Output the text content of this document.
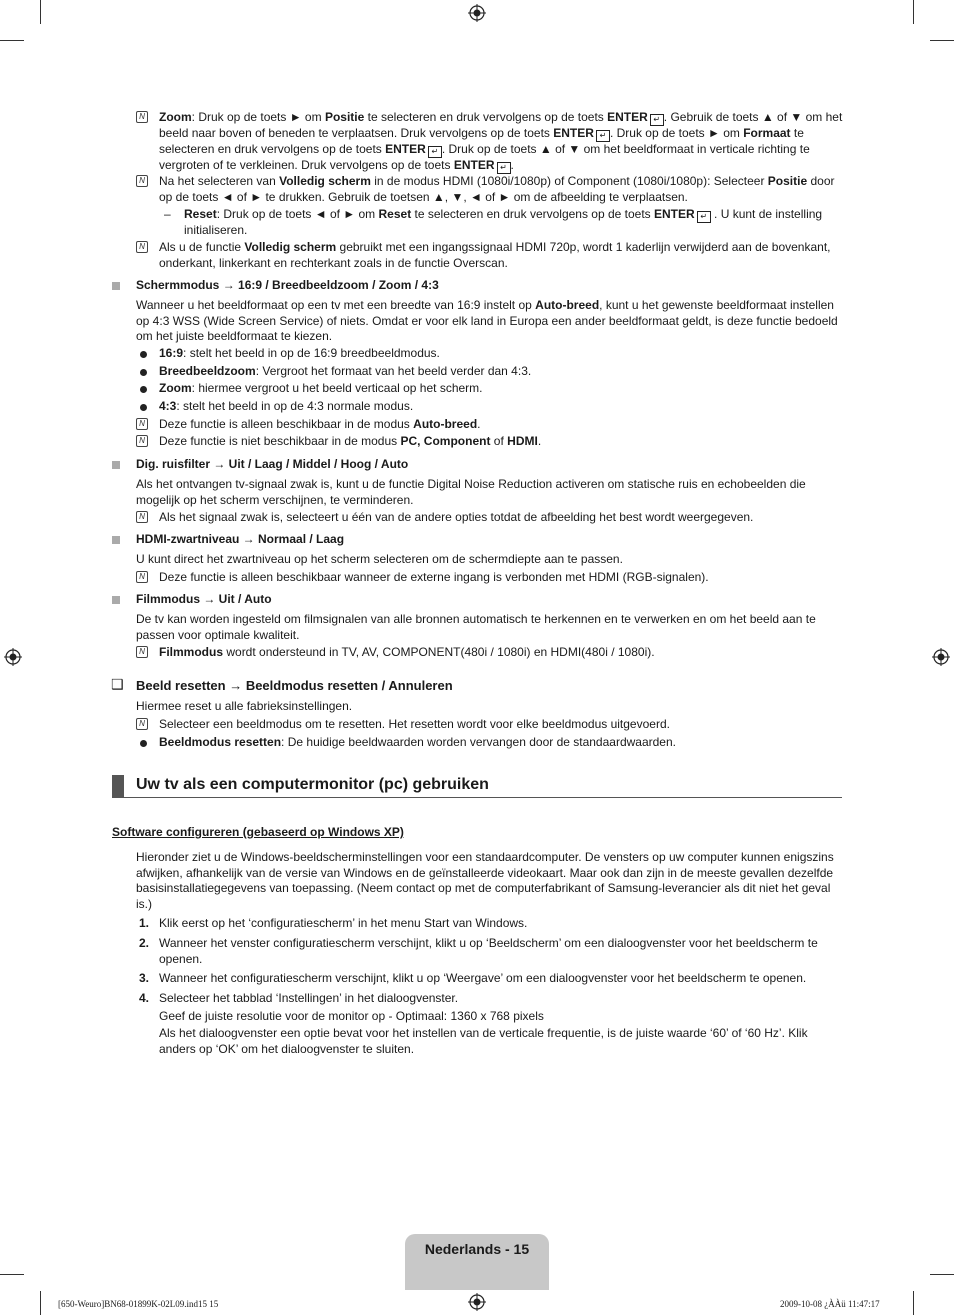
N Zoom: Druk op de toets ► om Positie te selecteren en druk vervolgens op de toets ENTER ↵ . Gebruik de toets ▲ of ▼ om het beeld naar boven of beneden te verplaatsen. Druk vervolgens op de toets ENTER ↵ . Druk op de toets ► om Formaat te selecteren en druk vervolgens op de toets ENTER ↵ . Druk op de toets ▲ of ▼ om het beeldformaat in verticale richting te vergroten of te verkleinen. Druk vervolgens op de toets ENTER ↵ .
N Na het selecteren van Volledig scherm in de modus HDMI (1080i/1080p) of Component (1080i/1080p): Selecteer Positie door op de toets ◄ of ► te drukken. Gebruik de toetsen ▲, ▼, ◄ of ► om de afbeelding te verplaatsen.
– Reset: Druk op de toets ◄ of ► om Reset te selecteren en druk vervolgens op de toets ENTER ↵ . U kunt de instelling initialiseren.
N Als u de functie Volledig scherm gebruikt met een ingangssignaal HDMI 720p, wordt 1 kaderlijn verwijderd aan de bovenkant, onderkant, linkerkant en rechterkant zoals in de functie Overscan.
Schermmodus → 16:9 / Breedbeeldzoom / Zoom / 4:3
Wanneer u het beeldformaat op een tv met een breedte van 16:9 instelt op Auto-breed, kunt u het gewenste beeldformaat instellen op 4:3 WSS (Wide Screen Service) of niets. Omdat er voor elk land in Europa een ander beeldformaat geldt, is deze functie bedoeld om het juiste beeldformaat te kiezen.
16:9: stelt het beeld in op de 16:9 breedbeeldmodus.
Breedbeeldzoom: Vergroot het formaat van het beeld verder dan 4:3.
Zoom: hiermee vergroot u het beeld verticaal op het scherm.
4:3: stelt het beeld in op de 4:3 normale modus.
N Deze functie is alleen beschikbaar in de modus Auto-breed.
N Deze functie is niet beschikbaar in de modus PC, Component of HDMI.
Dig. ruisfilter → Uit / Laag / Middel / Hoog / Auto
Als het ontvangen tv-signaal zwak is, kunt u de functie Digital Noise Reduction activeren om statische ruis en echobeelden die mogelijk op het scherm verschijnen, te verminderen.
N Als het signaal zwak is, selecteert u één van de andere opties totdat de afbeelding het best wordt weergegeven.
HDMI-zwartniveau → Normaal / Laag
U kunt direct het zwartniveau op het scherm selecteren om de schermdiepte aan te passen.
N Deze functie is alleen beschikbaar wanneer de externe ingang is verbonden met HDMI (RGB-signalen).
Filmmodus → Uit / Auto
De tv kan worden ingesteld om filmsignalen van alle bronnen automatisch te herkennen en te verwerken en om het beeld aan te passen voor optimale kwaliteit.
N Filmmodus wordt ondersteund in TV, AV, COMPONENT(480i / 1080i) en HDMI(480i / 1080i).
❑ Beeld resetten → Beeldmodus resetten / Annuleren
Hiermee reset u alle fabrieksinstellingen.
N Selecteer een beeldmodus om te resetten. Het resetten wordt voor elke beeldmodus uitgevoerd.
Beeldmodus resetten: De huidige beeldwaarden worden vervangen door de standaardwaarden.
Uw tv als een computermonitor (pc) gebruiken
Software configureren (gebaseerd op Windows XP)
Hieronder ziet u de Windows-beeldscherminstellingen voor een standaardcomputer. De vensters op uw computer kunnen enigszins afwijken, afhankelijk van de versie van Windows en de geïnstalleerde videokaart. Maar ook dan zijn in de meeste gevallen dezelfde basisinstallatiegegevens van toepassing. (Neem contact op met de computerfabrikant of Samsung-leverancier als dit niet het geval is.)
1. Klik eerst op het ‘configuratiescherm’ in het menu Start van Windows.
2. Wanneer het venster configuratiescherm verschijnt, klikt u op ‘Beeldscherm’ om een dialoogvenster voor het beeldscherm te openen.
3. Wanneer het configuratiescherm verschijnt, klikt u op ‘Weergave’ om een dialoogvenster voor het beeldscherm te openen.
4. Selecteer het tabblad ‘Instellingen’ in het dialoogvenster.
Geef de juiste resolutie voor de monitor op - Optimaal: 1360 x 768 pixels
Als het dialoogvenster een optie bevat voor het instellen van de verticale frequentie, is de juiste waarde ‘60’ of ‘60 Hz’. Klik anders op ‘OK’ om het dialoogvenster te sluiten.
Nederlands - 15
[650-Weuro]BN68-01899K-02L09.ind15 15	2009-10-08 ¿ÀÀü 11:47:17
